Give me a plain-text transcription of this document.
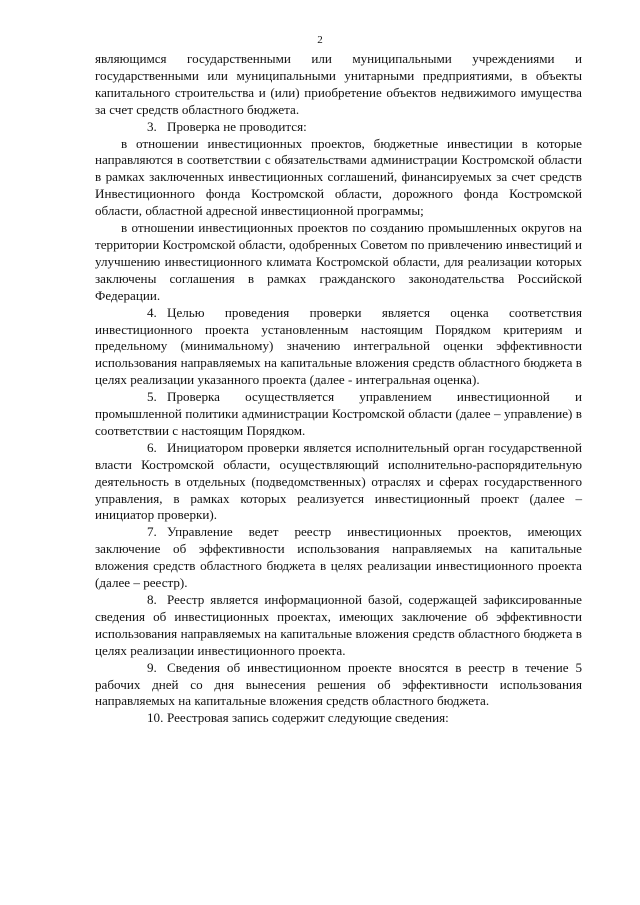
2

являющимся государственными или муниципальными учреждениями и государственными или муниципальными унитарными предприятиями, в объекты капитального строительства и (или) приобретение объектов недвижимого имущества за счет средств областного бюджета.

3. Проверка не проводится:

в отношении инвестиционных проектов, бюджетные инвестиции в которые направляются в соответствии с обязательствами администрации Костромской области в рамках заключенных инвестиционных соглашений, финансируемых за счет средств Инвестиционного фонда Костромской области, дорожного фонда Костромской области, областной адресной инвестиционной программы;

в отношении инвестиционных проектов по созданию промышленных округов на территории Костромской области, одобренных Советом по привлечению инвестиций и улучшению инвестиционного климата Костромской области, для реализации которых заключены соглашения в рамках гражданского законодательства Российской Федерации.

4. Целью проведения проверки является оценка соответствия инвестиционного проекта установленным настоящим Порядком критериям и предельному (минимальному) значению интегральной оценки эффективности использования направляемых на капитальные вложения средств областного бюджета в целях реализации указанного проекта (далее - интегральная оценка).

5. Проверка осуществляется управлением инвестиционной и промышленной политики администрации Костромской области (далее – управление) в соответствии с настоящим Порядком.

6. Инициатором проверки является исполнительный орган государственной власти Костромской области, осуществляющий исполнительно-распорядительную деятельность в отдельных (подведомственных) отраслях и сферах государственного управления, в рамках которых реализуется инвестиционный проект (далее – инициатор проверки).

7. Управление ведет реестр инвестиционных проектов, имеющих заключение об эффективности использования направляемых на капитальные вложения средств областного бюджета в целях реализации инвестиционного проекта (далее – реестр).

8. Реестр является информационной базой, содержащей зафиксированные сведения об инвестиционных проектах, имеющих заключение об эффективности использования направляемых на капитальные вложения средств областного бюджета в целях реализации инвестиционного проекта.

9. Сведения об инвестиционном проекте вносятся в реестр в течение 5 рабочих дней со дня вынесения решения об эффективности использования направляемых на капитальные вложения средств областного бюджета.

10. Реестровая запись содержит следующие сведения:
